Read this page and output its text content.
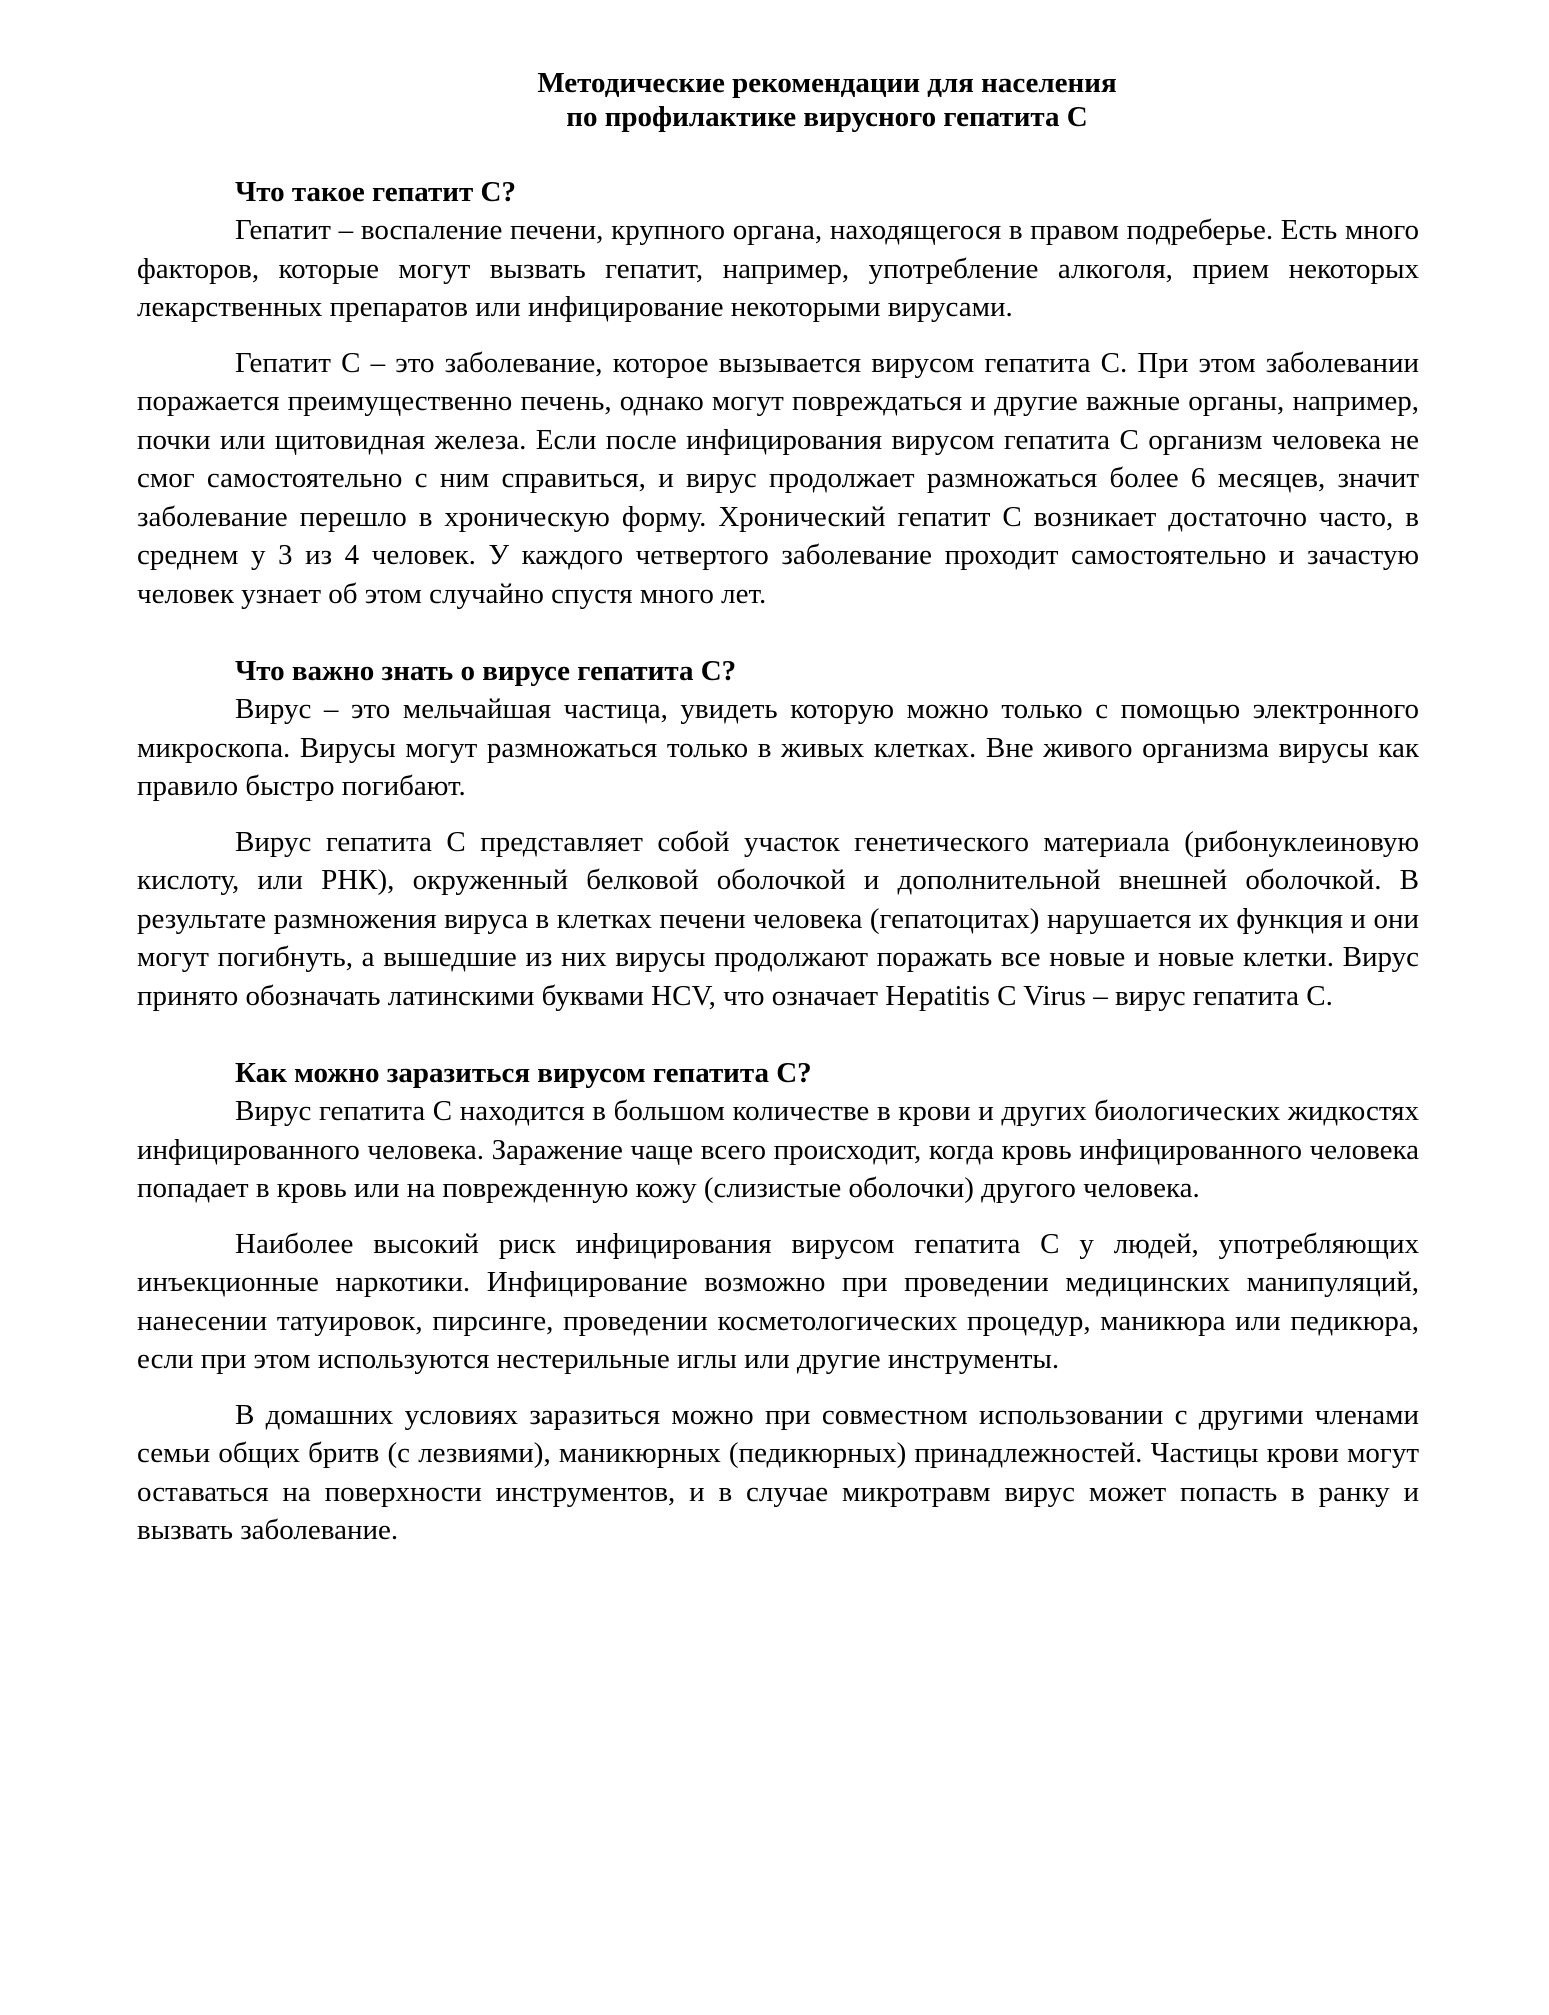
Методические рекомендации для населения
по профилактике вирусного гепатита С

Что такое гепатит С?

Гепатит – воспаление печени, крупного органа, находящегося в правом подреберье. Есть много факторов, которые могут вызвать гепатит, например, употребление алкоголя, прием некоторых лекарственных препаратов или инфицирование некоторыми вирусами.

Гепатит С – это заболевание, которое вызывается вирусом гепатита С. При этом заболевании поражается преимущественно печень, однако могут повреждаться и другие важные органы, например, почки или щитовидная железа. Если после инфицирования вирусом гепатита С организм человека не смог самостоятельно с ним справиться, и вирус продолжает размножаться более 6 месяцев, значит заболевание перешло в хроническую форму. Хронический гепатит С возникает достаточно часто, в среднем у 3 из 4 человек. У каждого четвертого заболевание проходит самостоятельно и зачастую человек узнает об этом случайно спустя много лет.

Что важно знать о вирусе гепатита С?

Вирус – это мельчайшая частица, увидеть которую можно только с помощью электронного микроскопа. Вирусы могут размножаться только в живых клетках. Вне живого организма вирусы как правило быстро погибают.

Вирус гепатита С представляет собой участок генетического материала (рибонуклеиновую кислоту, или РНК), окруженный белковой оболочкой и дополнительной внешней оболочкой. В результате размножения вируса в клетках печени человека (гепатоцитах) нарушается их функция и они могут погибнуть, а вышедшие из них вирусы продолжают поражать все новые и новые клетки. Вирус принято обозначать латинскими буквами HCV, что означает Hepatitis C Virus – вирус гепатита С.

Как можно заразиться вирусом гепатита С?

Вирус гепатита С находится в большом количестве в крови и других биологических жидкостях инфицированного человека. Заражение чаще всего происходит, когда кровь инфицированного человека попадает в кровь или на поврежденную кожу (слизистые оболочки) другого человека.

Наиболее высокий риск инфицирования вирусом гепатита С у людей, употребляющих инъекционные наркотики. Инфицирование возможно при проведении медицинских манипуляций, нанесении татуировок, пирсинге, проведении косметологических процедур, маникюра или педикюра, если при этом используются нестерильные иглы или другие инструменты.

В домашних условиях заразиться можно при совместном использовании с другими членами семьи общих бритв (с лезвиями), маникюрных (педикюрных) принадлежностей. Частицы крови могут оставаться на поверхности инструментов, и в случае микротравм вирус может попасть в ранку и вызвать заболевание.
